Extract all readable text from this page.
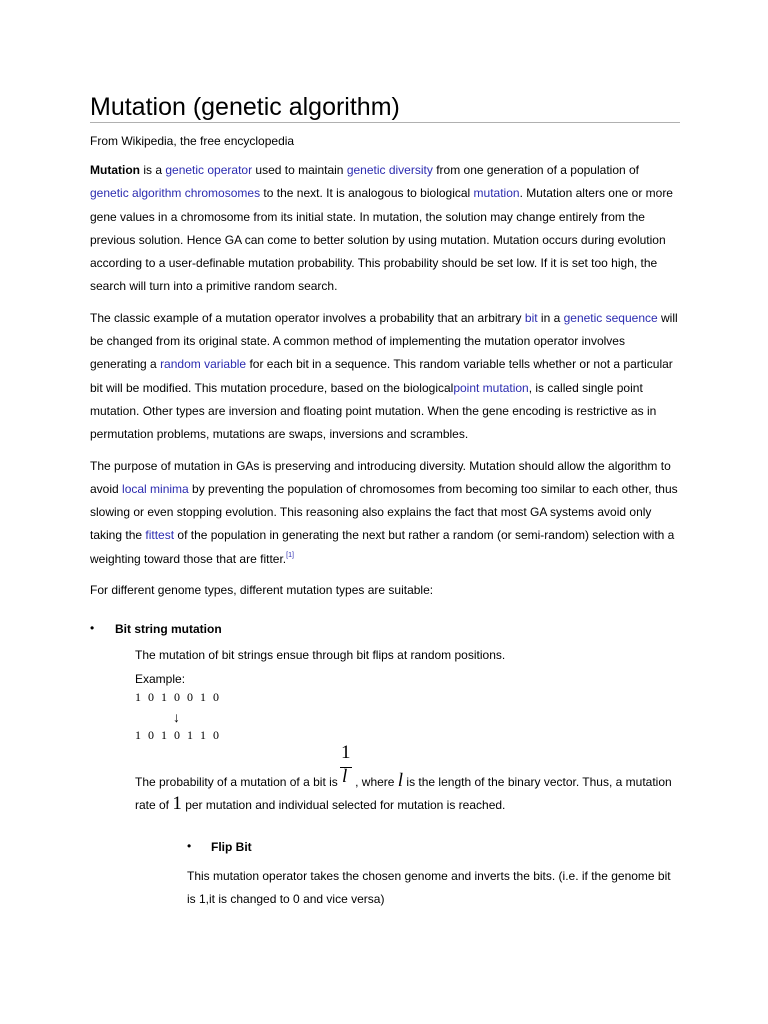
Mutation (genetic algorithm)
From Wikipedia, the free encyclopedia

Mutation is a genetic operator used to maintain genetic diversity from one generation of a population of genetic algorithm chromosomes to the next. It is analogous to biological mutation. Mutation alters one or more gene values in a chromosome from its initial state. In mutation, the solution may change entirely from the previous solution. Hence GA can come to better solution by using mutation. Mutation occurs during evolution according to a user-definable mutation probability. This probability should be set low. If it is set too high, the search will turn into a primitive random search.

The classic example of a mutation operator involves a probability that an arbitrary bit in a genetic sequence will be changed from its original state. A common method of implementing the mutation operator involves generating a random variable for each bit in a sequence. This random variable tells whether or not a particular bit will be modified. This mutation procedure, based on the biologicalpoint mutation, is called single point mutation. Other types are inversion and floating point mutation. When the gene encoding is restrictive as in permutation problems, mutations are swaps, inversions and scrambles.

The purpose of mutation in GAs is preserving and introducing diversity. Mutation should allow the algorithm to avoid local minima by preventing the population of chromosomes from becoming too similar to each other, thus slowing or even stopping evolution. This reasoning also explains the fact that most GA systems avoid only taking the fittest of the population in generating the next but rather a random (or semi-random) selection with a weighting toward those that are fitter.[1]

For different genome types, different mutation types are suitable:

• Bit string mutation
The mutation of bit strings ensue through bit flips at random positions.
Example:
1 0 1 0 0 1 0
↓
1 0 1 0 1 1 0
1
l
The probability of a mutation of a bit is , where l is the length of the binary vector. Thus, a mutation
rate of 1 per mutation and individual selected for mutation is reached.
• Flip Bit
This mutation operator takes the chosen genome and inverts the bits. (i.e. if the genome bit
is 1,it is changed to 0 and vice versa)
